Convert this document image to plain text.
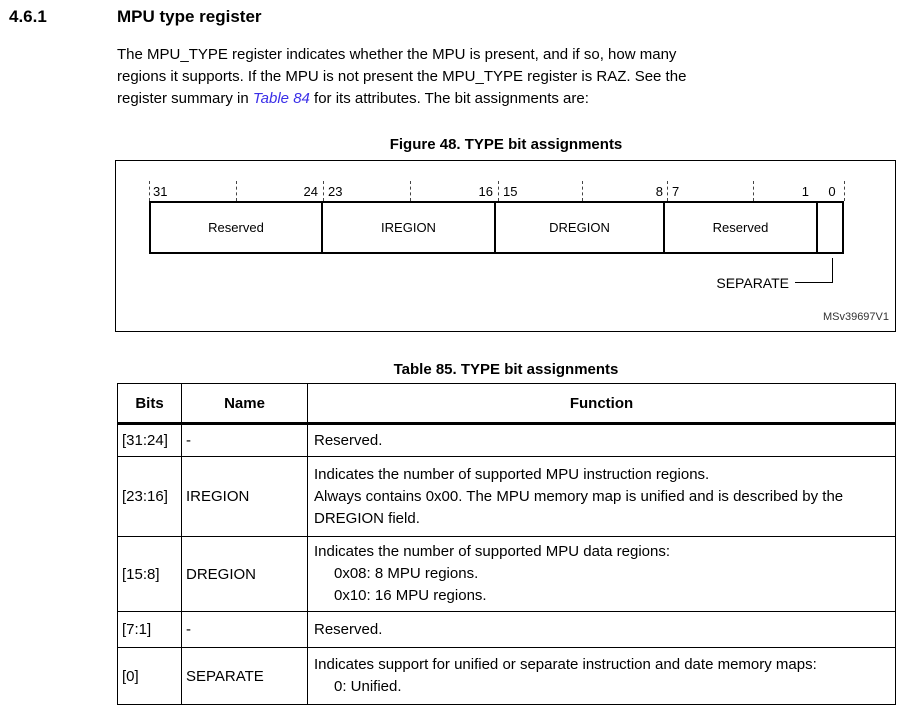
4.6.1	MPU type register
The MPU_TYPE register indicates whether the MPU is present, and if so, how many
regions it supports. If the MPU is not present the MPU_TYPE register is RAZ. See the
register summary in Table 84 for its attributes. The bit assignments are:
Figure 48. TYPE bit assignments
31	24 23	16 15	8 7	1	0
Reserved	IREGION	DREGION	Reserved
SEPARATE
MSv39697V1
Table 85. TYPE bit assignments
Bits	Name	Function
[31:24]	-	Reserved.

[23:16]	IREGION	Indicates the number of supported MPU instruction regions.
Always contains 0x00. The MPU memory map is unified and is described by the DREGION field.

[15:8]	DREGION	Indicates the number of supported MPU data regions:
0x08: 8 MPU regions.
0x10: 16 MPU regions.

[7:1]	-	Reserved.

[0]	SEPARATE	Indicates support for unified or separate instruction and date memory maps:
0: Unified.
